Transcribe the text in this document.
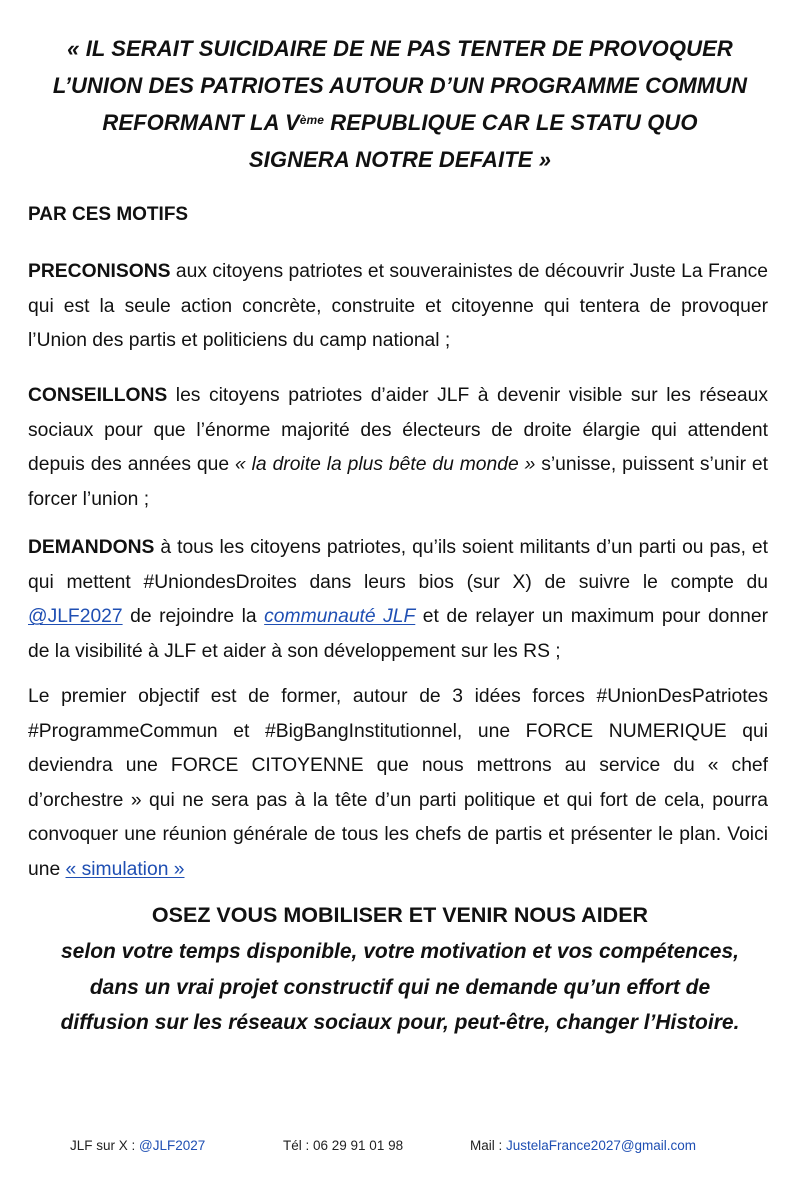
« IL SERAIT SUICIDAIRE DE NE PAS TENTER DE PROVOQUER
L’UNION DES PATRIOTES AUTOUR D’UN PROGRAMME COMMUN
REFORMANT LA Vème REPUBLIQUE CAR LE STATU QUO
SIGNERA NOTRE DEFAITE »
PAR CES MOTIFS
PRECONISONS aux citoyens patriotes et souverainistes de découvrir Juste La France qui est la seule action concrète, construite et citoyenne qui tentera de provoquer l’Union des partis et politiciens du camp national ;
CONSEILLONS les citoyens patriotes d’aider JLF à devenir visible sur les réseaux sociaux pour que l’énorme majorité des électeurs de droite élargie qui attendent depuis des années que « la droite la plus bête du monde » s’unisse, puissent s’unir et forcer l’union ;
DEMANDONS à tous les citoyens patriotes, qu’ils soient militants d’un parti ou pas, et qui mettent #UniondesDroites dans leurs bios (sur X) de suivre le compte du @JLF2027 de rejoindre la communauté JLF et de relayer un maximum pour donner de la visibilité à JLF et aider à son développement sur les RS ;
Le premier objectif est de former, autour de 3 idées forces #UnionDesPatriotes #ProgrammeCommun et #BigBangInstitutionnel, une FORCE NUMERIQUE qui deviendra une FORCE CITOYENNE que nous mettrons au service du « chef d’orchestre » qui ne sera pas à la tête d’un parti politique et qui fort de cela, pourra convoquer une réunion générale de tous les chefs de partis et présenter le plan. Voici une « simulation »
OSEZ VOUS MOBILISER ET VENIR NOUS AIDER
selon votre temps disponible, votre motivation et vos compétences,
dans un vrai projet constructif qui ne demande qu’un effort de
diffusion sur les réseaux sociaux pour, peut-être, changer l’Histoire.
JLF sur X : @JLF2027	Tél : 06 29 91 01 98	Mail : JustelaFrance2027@gmail.com
